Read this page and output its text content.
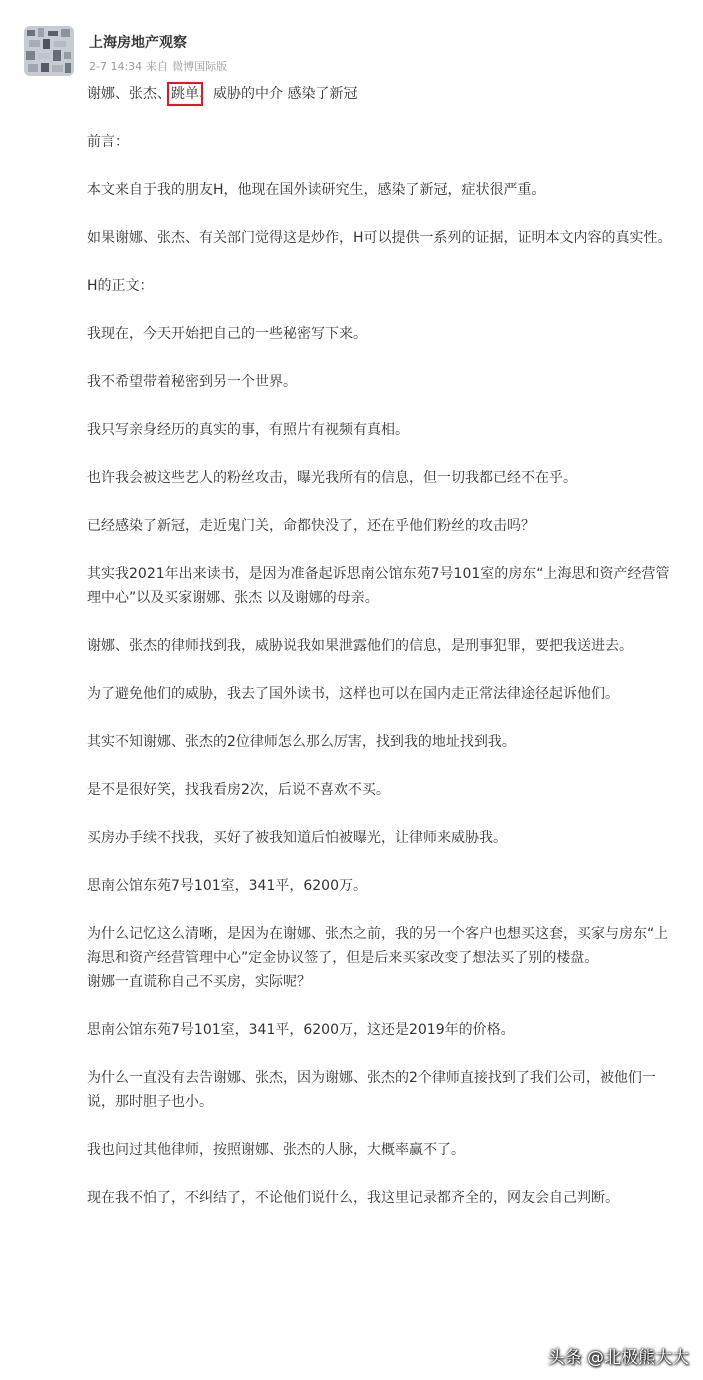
上海房地产观察
2-7 14:34 来自 微博国际版

谢娜、张杰、跳单、威胁的中介 感染了新冠

前言：

本文来自于我的朋友H，他现在国外读研究生，感染了新冠，症状很严重。

如果谢娜、张杰、有关部门觉得这是炒作，H可以提供一系列的证据，证明本文内容的真实性。

H的正文：

我现在，今天开始把自己的一些秘密写下来。

我不希望带着秘密到另一个世界。

我只写亲身经历的真实的事，有照片有视频有真相。

也许我会被这些艺人的粉丝攻击，曝光我所有的信息，但一切我都已经不在乎。

已经感染了新冠，走近鬼门关，命都快没了，还在乎他们粉丝的攻击吗？

其实我2021年出来读书，是因为准备起诉思南公馆东苑7号101室的房东“上海思和资产经营管理中心”以及买家谢娜、张杰 以及谢娜的母亲。

谢娜、张杰的律师找到我，威胁说我如果泄露他们的信息，是刑事犯罪，要把我送进去。

为了避免他们的威胁，我去了国外读书，这样也可以在国内走正常法律途径起诉他们。

其实不知谢娜、张杰的2位律师怎么那么厉害，找到我的地址找到我。

是不是很好笑，找我看房2次，后说不喜欢不买。

买房办手续不找我，买好了被我知道后怕被曝光，让律师来威胁我。

思南公馆东苑7号101室，341平，6200万。

为什么记忆这么清晰，是因为在谢娜、张杰之前，我的另一个客户也想买这套，买家与房东“上海思和资产经营管理中心”定金协议签了，但是后来买家改变了想法买了别的楼盘。

谢娜一直谎称自己不买房，实际呢？

思南公馆东苑7号101室，341平，6200万，这还是2019年的价格。

为什么一直没有去告谢娜、张杰，因为谢娜、张杰的2个律师直接找到了我们公司，被他们一说，那时胆子也小。

我也问过其他律师，按照谢娜、张杰的人脉，大概率赢不了。

现在我不怕了，不纠结了，不论他们说什么，我这里记录都齐全的，网友会自己判断。

头条 @北极熊大大
